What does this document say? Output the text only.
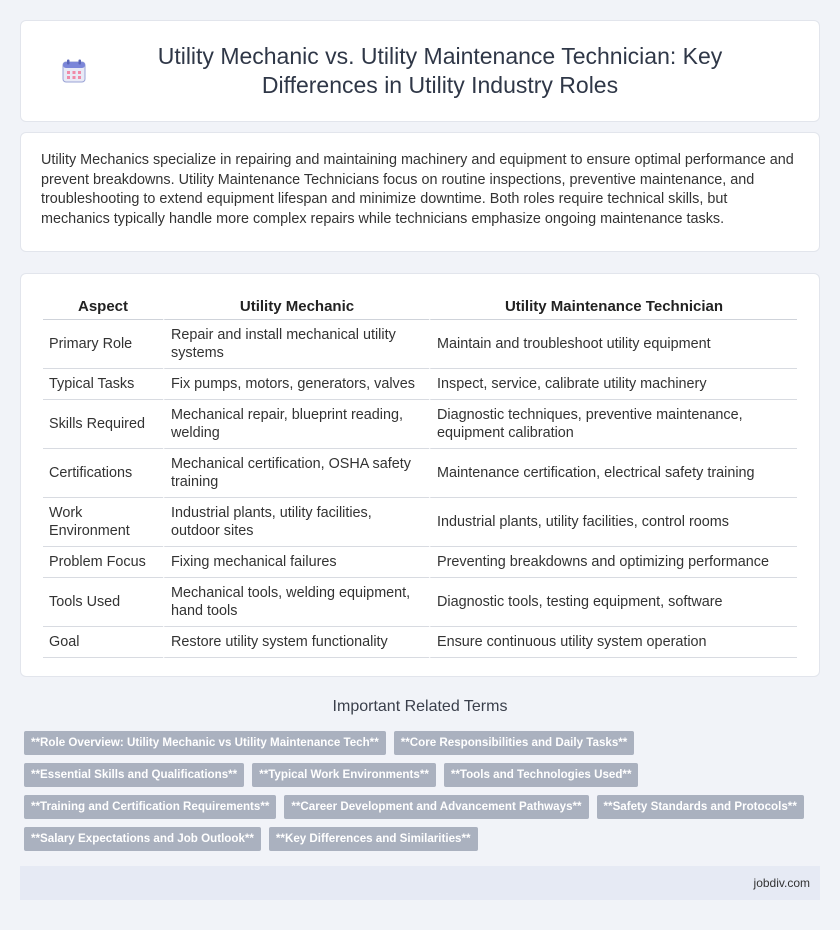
Utility Mechanic vs. Utility Maintenance Technician: Key Differences in Utility Industry Roles

Utility Mechanics specialize in repairing and maintaining machinery and equipment to ensure optimal performance and prevent breakdowns. Utility Maintenance Technicians focus on routine inspections, preventive maintenance, and troubleshooting to extend equipment lifespan and minimize downtime. Both roles require technical skills, but mechanics typically handle more complex repairs while technicians emphasize ongoing maintenance tasks.

Aspect	Utility Mechanic	Utility Maintenance Technician
Primary Role	Repair and install mechanical utility systems	Maintain and troubleshoot utility equipment
Typical Tasks	Fix pumps, motors, generators, valves	Inspect, service, calibrate utility machinery
Skills Required	Mechanical repair, blueprint reading, welding	Diagnostic techniques, preventive maintenance, equipment calibration
Certifications	Mechanical certification, OSHA safety training	Maintenance certification, electrical safety training
Work Environment	Industrial plants, utility facilities, outdoor sites	Industrial plants, utility facilities, control rooms
Problem Focus	Fixing mechanical failures	Preventing breakdowns and optimizing performance
Tools Used	Mechanical tools, welding equipment, hand tools	Diagnostic tools, testing equipment, software
Goal	Restore utility system functionality	Ensure continuous utility system operation
Important Related Terms
**Role Overview: Utility Mechanic vs Utility Maintenance Tech**	**Core Responsibilities and Daily Tasks**
**Essential Skills and Qualifications**	**Typical Work Environments**	**Tools and Technologies Used**
**Training and Certification Requirements**	**Career Development and Advancement Pathways**	**Safety Standards and Protocols**
**Salary Expectations and Job Outlook**	**Key Differences and Similarities**
jobdiv.com
